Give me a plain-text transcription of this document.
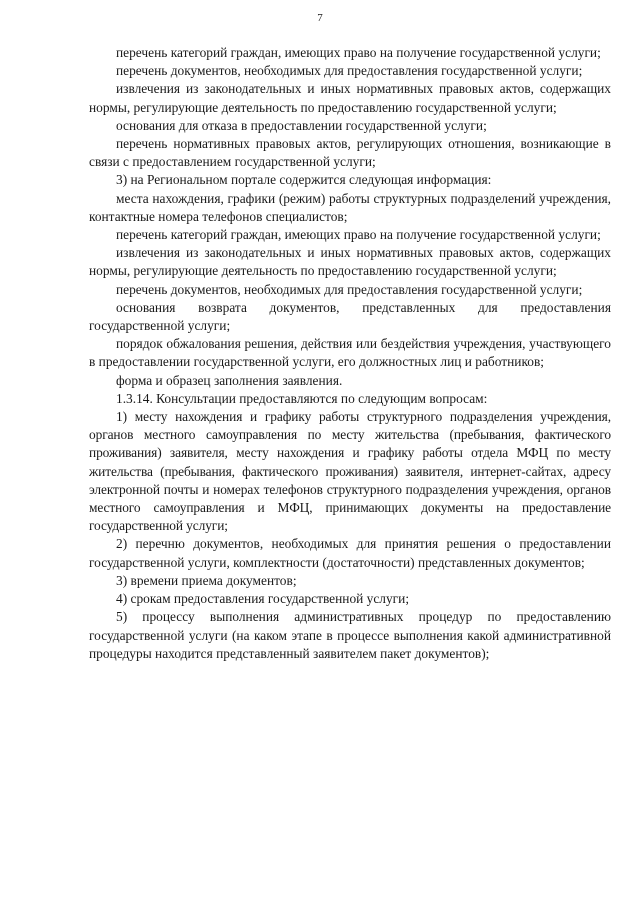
7

перечень категорий граждан, имеющих право на получение государственной услуги;

перечень документов, необходимых для предоставления государственной услуги;

извлечения из законодательных и иных нормативных правовых актов, содержащих нормы, регулирующие деятельность по предоставлению государственной услуги;

основания для отказа в предоставлении государственной услуги;

перечень нормативных правовых актов, регулирующих отношения, возникающие в связи с предоставлением государственной услуги;

3) на Региональном портале содержится следующая информация:

места нахождения, графики (режим) работы структурных подразделений учреждения, контактные номера телефонов специалистов;

перечень категорий граждан, имеющих право на получение государственной услуги;

извлечения из законодательных и иных нормативных правовых актов, содержащих нормы, регулирующие деятельность по предоставлению государственной услуги;

перечень документов, необходимых для предоставления государственной услуги;

основания возврата документов, представленных для предоставления государственной услуги;

порядок обжалования решения, действия или бездействия учреждения, участвующего в предоставлении государственной услуги, его должностных лиц и работников;

форма и образец заполнения заявления.

1.3.14. Консультации предоставляются по следующим вопросам:

1) месту нахождения и графику работы структурного подразделения учреждения, органов местного самоуправления по месту жительства (пребывания, фактического проживания) заявителя, месту нахождения и графику работы отдела МФЦ по месту жительства (пребывания, фактического проживания) заявителя, интернет-сайтах, адресу электронной почты и номерах телефонов структурного подразделения учреждения, органов местного самоуправления и МФЦ, принимающих документы на предоставление государственной услуги;

2) перечню документов, необходимых для принятия решения о предоставлении государственной услуги, комплектности (достаточности) представленных документов;

3) времени приема документов;

4) срокам предоставления государственной услуги;

5) процессу выполнения административных процедур по предоставлению государственной услуги (на каком этапе в процессе выполнения какой административной процедуры находится представленный заявителем пакет документов);
